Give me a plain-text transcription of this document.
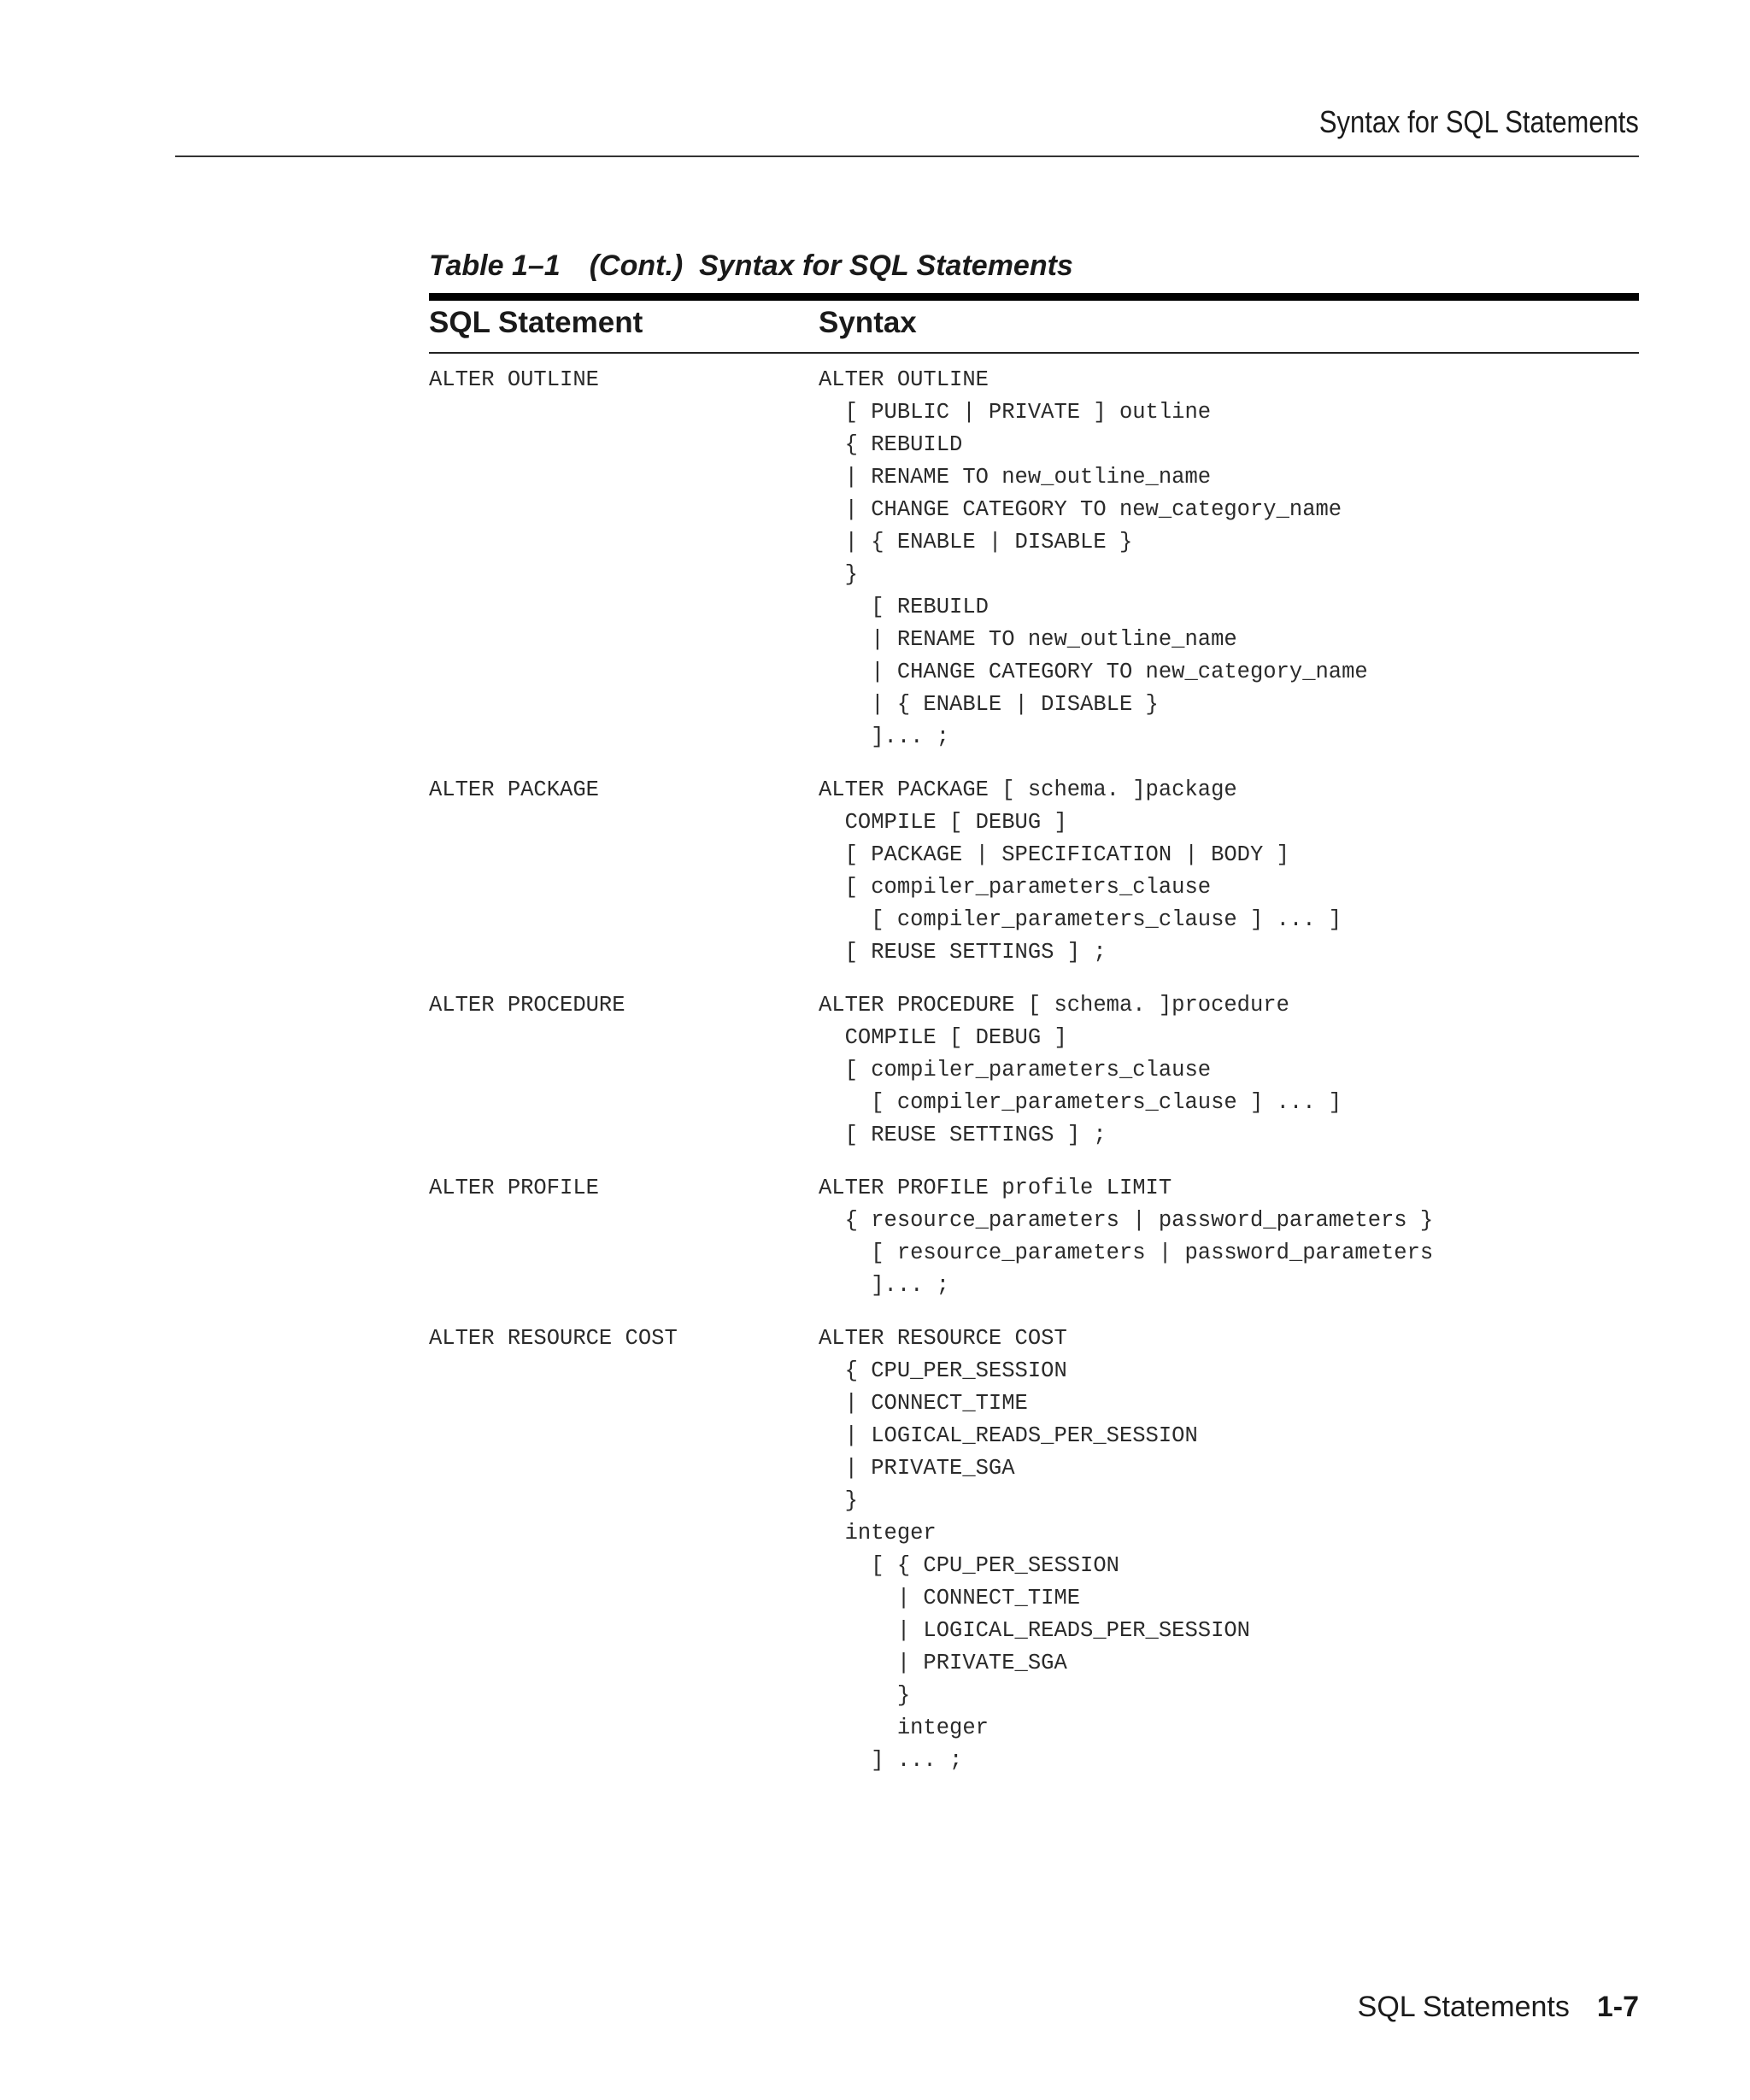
Syntax for SQL Statements
Table 1–1 (Cont.)  Syntax for SQL Statements
SQL Statement	Syntax
ALTER OUTLINE	ALTER OUTLINE
[ PUBLIC | PRIVATE ] outline
{ REBUILD
| RENAME TO new_outline_name
| CHANGE CATEGORY TO new_category_name
| { ENABLE | DISABLE }
}
[ REBUILD
| RENAME TO new_outline_name
| CHANGE CATEGORY TO new_category_name
| { ENABLE | DISABLE }
]... ;
ALTER PACKAGE	ALTER PACKAGE [ schema. ]package
COMPILE [ DEBUG ]
[ PACKAGE | SPECIFICATION | BODY ]
[ compiler_parameters_clause
[ compiler_parameters_clause ] ... ]
[ REUSE SETTINGS ] ;
ALTER PROCEDURE	ALTER PROCEDURE [ schema. ]procedure
COMPILE [ DEBUG ]
[ compiler_parameters_clause
[ compiler_parameters_clause ] ... ]
[ REUSE SETTINGS ] ;
ALTER PROFILE	ALTER PROFILE profile LIMIT
{ resource_parameters | password_parameters }
[ resource_parameters | password_parameters
]... ;
ALTER RESOURCE COST	ALTER RESOURCE COST
{ CPU_PER_SESSION
| CONNECT_TIME
| LOGICAL_READS_PER_SESSION
| PRIVATE_SGA
}
integer
[ { CPU_PER_SESSION
| CONNECT_TIME
| LOGICAL_READS_PER_SESSION
| PRIVATE_SGA
}
integer
] ... ;
SQL Statements 1-7
